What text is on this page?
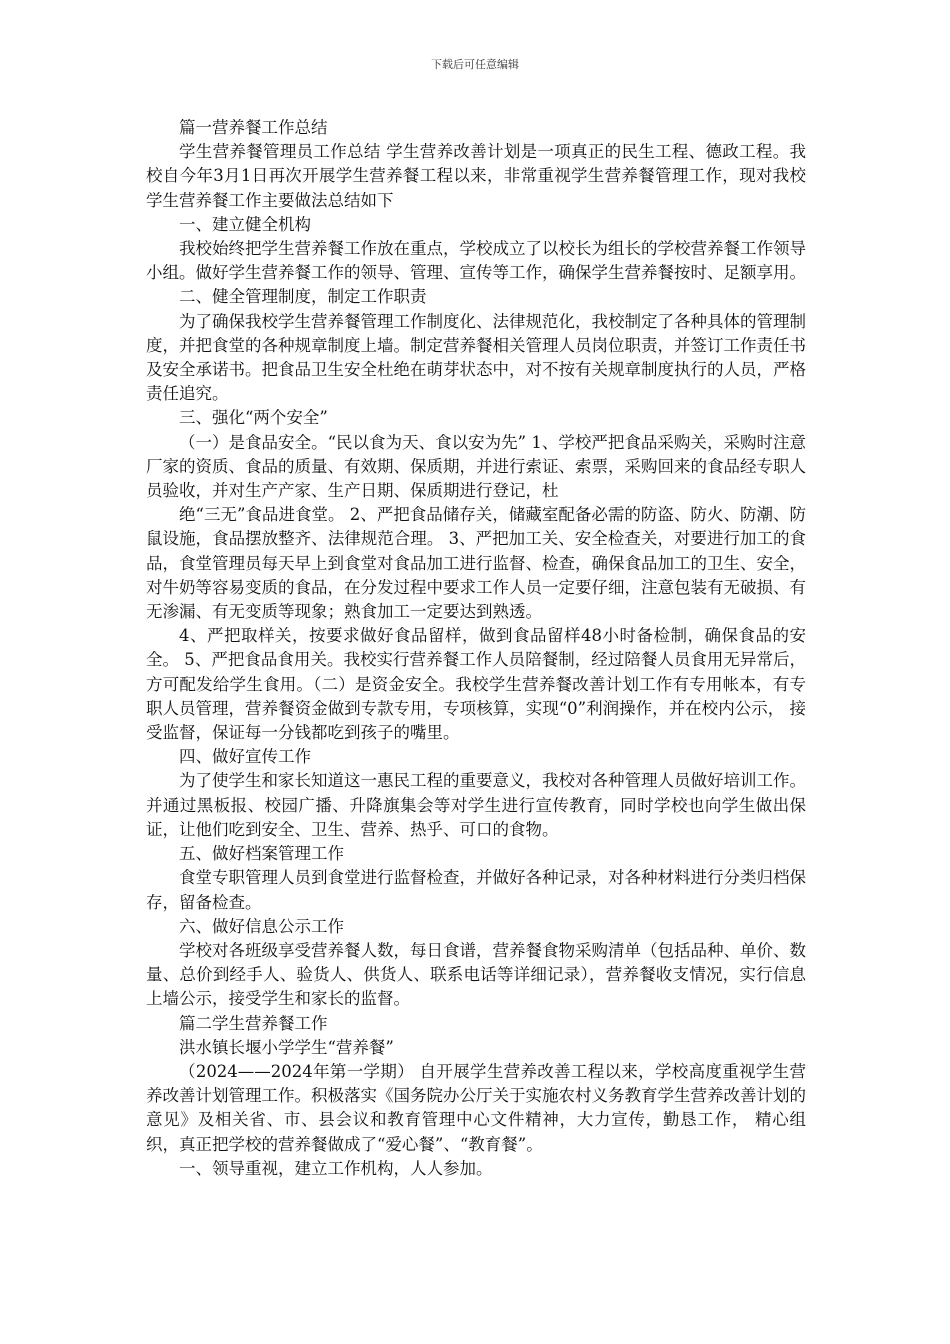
下载后可任意编辑

篇一营养餐工作总结

学生营养餐管理员工作总结 学生营养改善计划是一项真正的民生工程、德政工程。我校自今年3月1日再次开展学生营养餐工程以来，非常重视学生营养餐管理工作，现对我校学生营养餐工作主要做法总结如下

一、建立健全机构

我校始终把学生营养餐工作放在重点，学校成立了以校长为组长的学校营养餐工作领导小组。做好学生营养餐工作的领导、管理、宣传等工作，确保学生营养餐按时、足额享用。

二、健全管理制度，制定工作职责

为了确保我校学生营养餐管理工作制度化、法律规范化，我校制定了各种具体的管理制度，并把食堂的各种规章制度上墙。制定营养餐相关管理人员岗位职责，并签订工作责任书及安全承诺书。把食品卫生安全杜绝在萌芽状态中，对不按有关规章制度执行的人员，严格责任追究。

三、强化“两个安全”

（一）是食品安全。“民以食为天、食以安为先” 1、学校严把食品采购关，采购时注意厂家的资质、食品的质量、有效期、保质期，并进行索证、索票，采购回来的食品经专职人员验收，并对生产产家、生产日期、保质期进行登记，杜

绝“三无”食品进食堂。 2、严把食品储存关，储藏室配备必需的防盗、防火、防潮、防鼠设施，食品摆放整齐、法律规范合理。 3、严把加工关、安全检查关，对要进行加工的食品，食堂管理员每天早上到食堂对食品加工进行监督、检查，确保食品加工的卫生、安全，对牛奶等容易变质的食品，在分发过程中要求工作人员一定要仔细，注意包装有无破损、有无渗漏、有无变质等现象；熟食加工一定要达到熟透。

4、严把取样关，按要求做好食品留样，做到食品留样48小时备检制，确保食品的安全。 5、严把食品食用关。我校实行营养餐工作人员陪餐制，经过陪餐人员食用无异常后，方可配发给学生食用。（二）是资金安全。我校学生营养餐改善计划工作有专用帐本，有专职人员管理，营养餐资金做到专款专用，专项核算，实现“0”利润操作，并在校内公示， 接受监督，保证每一分钱都吃到孩子的嘴里。

四、做好宣传工作

为了使学生和家长知道这一惠民工程的重要意义，我校对各种管理人员做好培训工作。并通过黑板报、校园广播、升降旗集会等对学生进行宣传教育，同时学校也向学生做出保证，让他们吃到安全、卫生、营养、热乎、可口的食物。

五、做好档案管理工作

食堂专职管理人员到食堂进行监督检查，并做好各种记录，对各种材料进行分类归档保存，留备检查。

六、做好信息公示工作

学校对各班级享受营养餐人数，每日食谱，营养餐食物采购清单（包括品种、单价、数量、总价到经手人、验货人、供货人、联系电话等详细记录），营养餐收支情况，实行信息上墙公示，接受学生和家长的监督。

篇二学生营养餐工作

洪水镇长堰小学学生“营养餐”

（2024——2024年第一学期） 自开展学生营养改善工程以来，学校高度重视学生营养改善计划管理工作。积极落实《国务院办公厅关于实施农村义务教育学生营养改善计划的意见》及相关省、市、县会议和教育管理中心文件精神，大力宣传，勤恳工作， 精心组织，真正把学校的营养餐做成了“爱心餐”、“教育餐”。

一、领导重视，建立工作机构，人人参加。
